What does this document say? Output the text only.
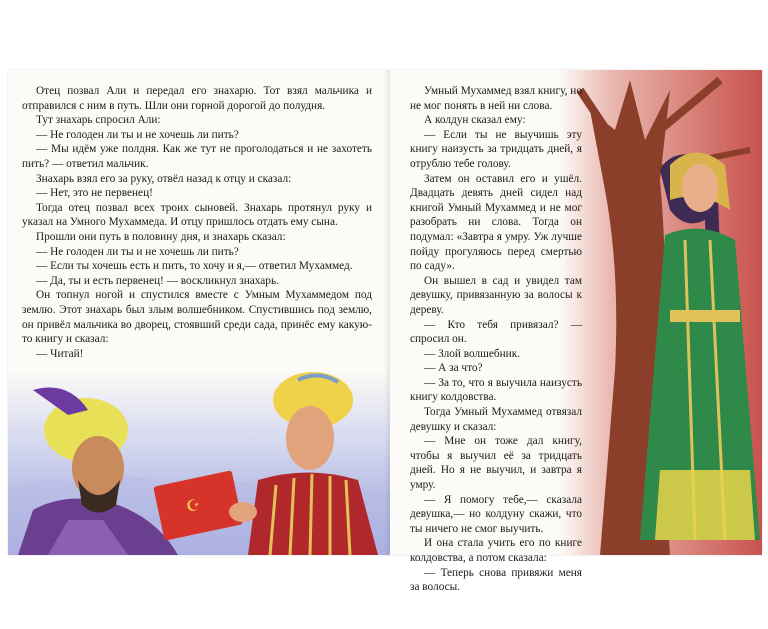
Отец позвал Али и передал его знахарю. Тот взял мальчика и отправился с ним в путь. Шли они горной дорогой до полудня.

Тут знахарь спросил Али:

— Не голоден ли ты и не хочешь ли пить?

— Мы идём уже полдня. Как же тут не проголодаться и не захотеть пить? — ответил мальчик.

Знахарь взял его за руку, отвёл назад к отцу и сказал:

— Нет, это не первенец!

Тогда отец позвал всех троих сыновей. Знахарь протянул руку и указал на Умного Мухаммеда. И отцу пришлось отдать ему сына.

Прошли они путь в половину дня, и знахарь сказал:

— Не голоден ли ты и не хочешь ли пить?

— Если ты хочешь есть и пить, то хочу и я,— ответил Мухаммед.

— Да, ты и есть первенец! — воскликнул знахарь.

Он топнул ногой и спустился вместе с Умным Мухаммедом под землю. Этот знахарь был злым волшебником. Спустившись под землю, он привёл мальчика во дворец, стоявший среди сада, принёс ему какую-то книгу и сказал:

— Читай!

☪

Умный Мухаммед взял книгу, но не мог понять в ней ни слова.

А колдун сказал ему:

— Если ты не выучишь эту книгу наизусть за тридцать дней, я отрублю тебе голову.

Затем он оставил его и ушёл. Двадцать девять дней сидел над книгой Умный Мухаммед и не мог разобрать ни слова. Тогда он подумал: «Завтра я умру. Уж лучше пойду прогуляюсь перед смертью по саду».

Он вышел в сад и увидел там девушку, привязанную за волосы к дереву.

— Кто тебя привязал? — спросил он.

— Злой волшебник.

— А за что?

— За то, что я выучила наизусть книгу колдовства.

Тогда Умный Мухаммед отвязал девушку и сказал:

— Мне он тоже дал книгу, чтобы я выучил её за тридцать дней. Но я не выучил, и завтра я умру.

— Я помогу тебе,— сказала девушка,— но колдуну скажи, что ты ничего не смог выучить.

И она стала учить его по книге колдовства, а потом сказала:

— Теперь снова привяжи меня за волосы.
